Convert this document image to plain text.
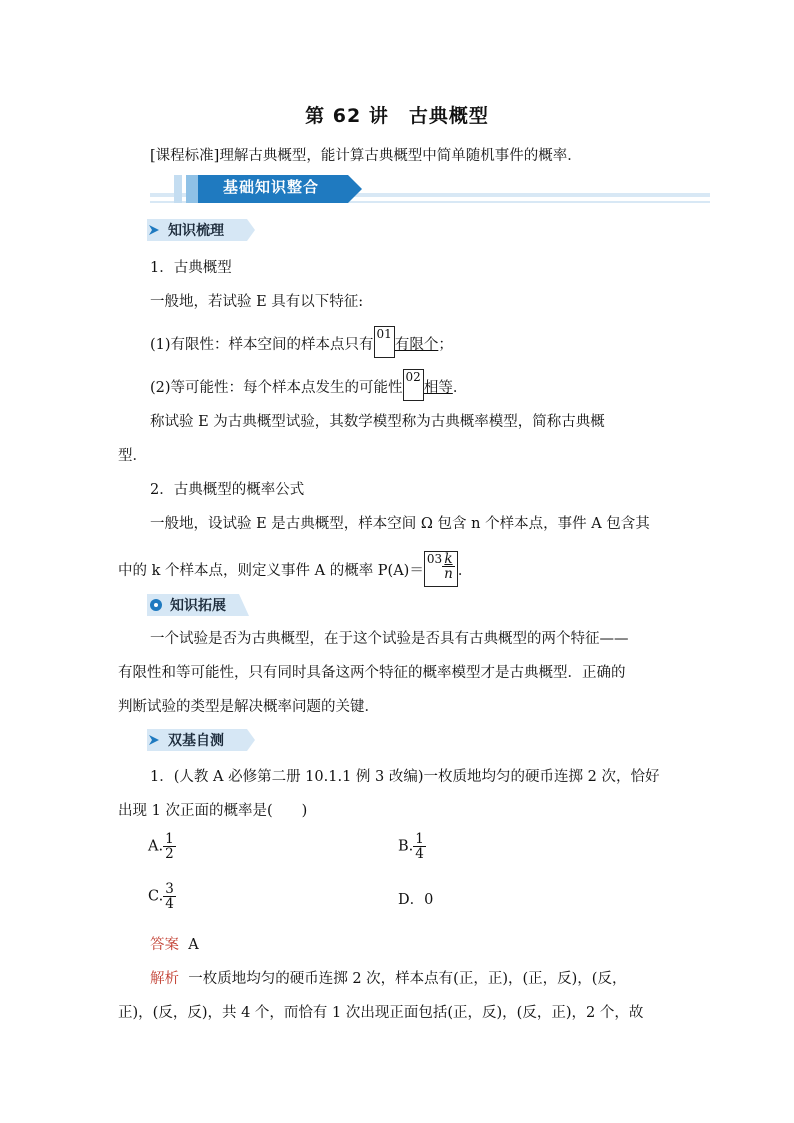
第 62 讲 古典概型
[课程标准]理解古典概型，能计算古典概型中简单随机事件的概率．
基础知识整合
知识梳理
1．古典概型
一般地，若试验 E 具有以下特征:
(1)有限性：样本空间的样本点只有01有限个；
(2)等可能性：每个样本点发生的可能性02相等．
称试验 E 为古典概型试验，其数学模型称为古典概率模型，简称古典概
型．
2．古典概型的概率公式
一般地，设试验 E 是古典概型，样本空间 Ω 包含 n 个样本点，事件 A 包含其
中的 k 个样本点，则定义事件 A 的概率 $P(A)=03 \frac{k}{n}$ ．
知识拓展
一个试验是否为古典概型，在于这个试验是否具有古典概型的两个特征——
有限性和等可能性，只有同时具备这两个特征的概率模型才是古典概型．正确的
判断试验的类型是解决概率问题的关键．
双基自测
1．(人教 A 必修第二册 10.1.1 例 3 改编)一枚质地均匀的硬币连掷 2 次，恰好
出现 1 次正面的概率是(　　)
A. $\frac{1}{2}$	B. $\frac{1}{4}$
C. $\frac{3}{4}$	D．0
答案 A
解析 一枚质地均匀的硬币连掷 2 次，样本点有(正，正)，(正，反)，(反，
正)，(反，反)，共 4 个，而恰有 1 次出现正面包括(正，反)，(反，正)，2 个，故
